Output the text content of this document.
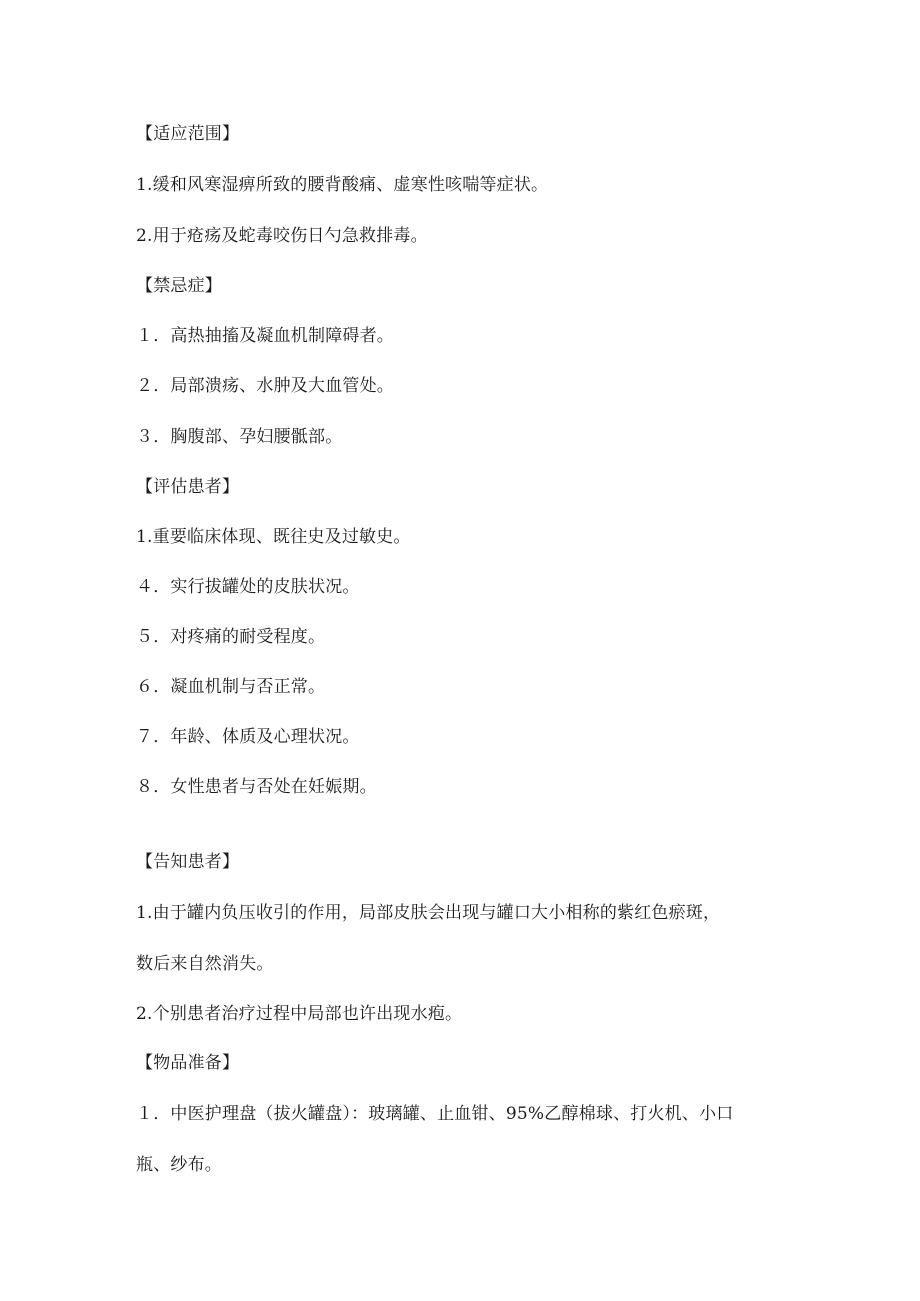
【适应范围】
1.缓和风寒湿痹所致的腰背酸痛、虚寒性咳喘等症状。
2.用于疮疡及蛇毒咬伤日勺急救排毒。
【禁忌症】
１．高热抽搐及凝血机制障碍者。
２．局部溃疡、水肿及大血管处。
３．胸腹部、孕妇腰骶部。
【评估患者】
1.重要临床体现、既往史及过敏史。
４．实行拔罐处的皮肤状况。
５．对疼痛的耐受程度。
６．凝血机制与否正常。
７．年龄、体质及心理状况。
８．女性患者与否处在妊娠期。
【告知患者】
1.由于罐内负压收引的作用，局部皮肤会出现与罐口大小相称的紫红色瘀斑，
数后来自然消失。
2.个别患者治疗过程中局部也许出现水疱。
【物品准备】
１．中医护理盘（拔火罐盘）：玻璃罐、止血钳、95%乙醇棉球、打火机、小口
瓶、纱布。
